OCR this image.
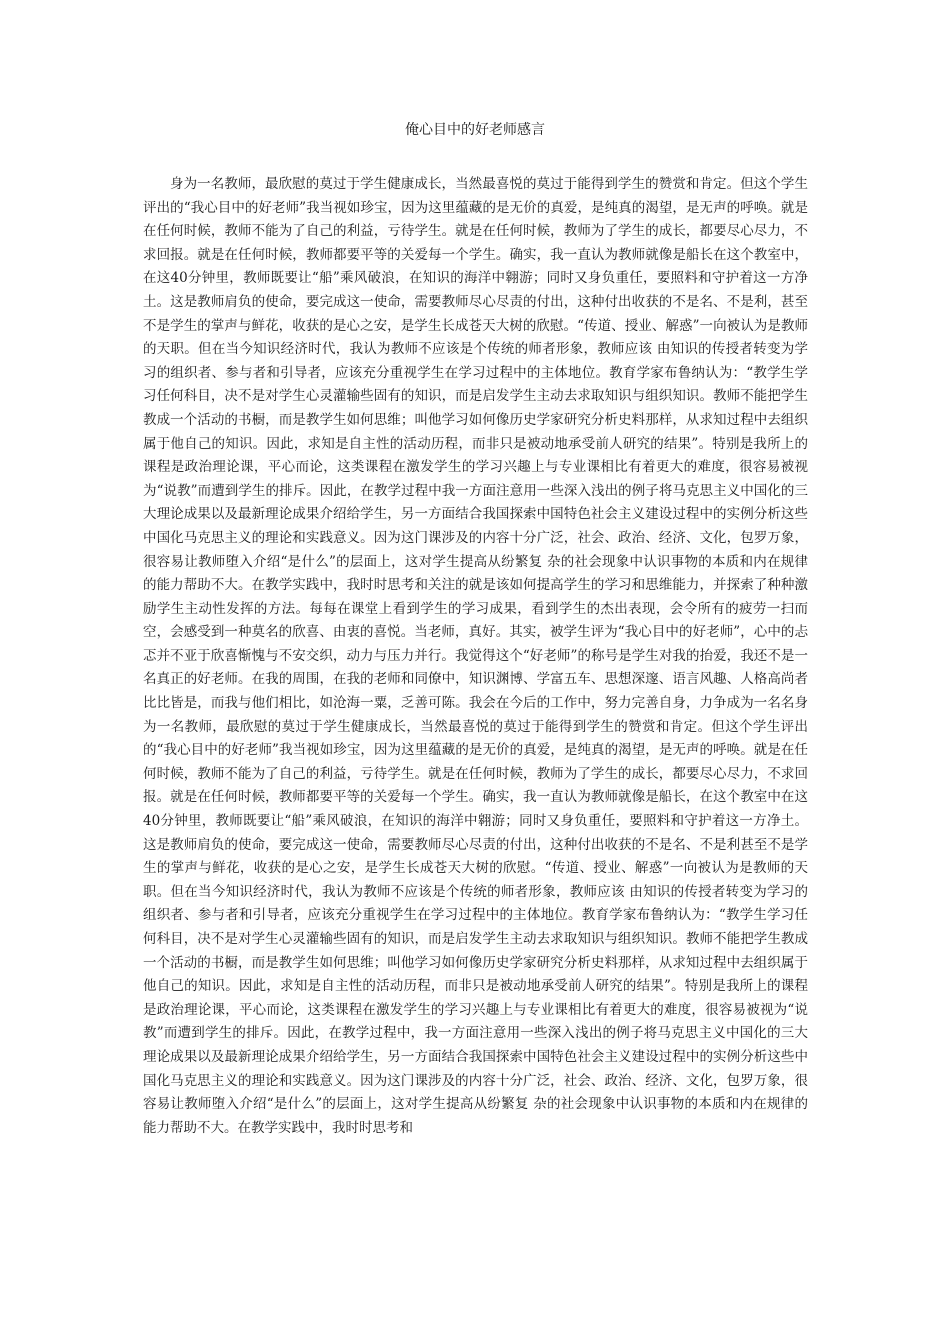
俺心目中的好老师感言

身为一名教师，最欣慰的莫过于学生健康成长，当然最喜悦的莫过于能得到学生的赞赏和肯定。但这个学生评出的“我心目中的好老师”我当视如珍宝，因为这里蕴藏的是无价的真爱，是纯真的渴望，是无声的呼唤。就是在任何时候，教师不能为了自己的利益，亏待学生。就是在任何时候，教师为了学生的成长，都要尽心尽力，不求回报。就是在任何时候，教师都要平等的关爱每一个学生。确实，我一直认为教师就像是船长在这个教室中，在这40分钟里，教师既要让“船”乘风破浪，在知识的海洋中翱游；同时又身负重任，要照料和守护着这一方净土。这是教师肩负的使命，要完成这一使命，需要教师尽心尽责的付出，这种付出收获的不是名、不是利，甚至不是学生的掌声与鲜花，收获的是心之安，是学生长成苍天大树的欣慰。“传道、授业、解惑”一向被认为是教师的天职。但在当今知识经济时代，我认为教师不应该是个传统的师者形象，教师应该 由知识的传授者转变为学习的组织者、参与者和引导者，应该充分重视学生在学习过程中的主体地位。教育学家布鲁纳认为：“教学生学习任何科目，决不是对学生心灵灌输些固有的知识，而是启发学生主动去求取知识与组织知识。教师不能把学生教成一个活动的书橱，而是教学生如何思维；叫他学习如何像历史学家研究分析史料那样，从求知过程中去组织属于他自己的知识。因此，求知是自主性的活动历程，而非只是被动地承受前人研究的结果”。特别是我所上的课程是政治理论课，平心而论，这类课程在激发学生的学习兴趣上与专业课相比有着更大的难度，很容易被视为“说教”而遭到学生的排斥。因此，在教学过程中我一方面注意用一些深入浅出的例子将马克思主义中国化的三大理论成果以及最新理论成果介绍给学生，另一方面结合我国探索中国特色社会主义建设过程中的实例分析这些中国化马克思主义的理论和实践意义。因为这门课涉及的内容十分广泛，社会、政治、经济、文化，包罗万象，很容易让教师堕入介绍“是什么”的层面上，这对学生提高从纷繁复 杂的社会现象中认识事物的本质和内在规律的能力帮助不大。在教学实践中，我时时思考和关注的就是该如何提高学生的学习和思维能力，并探索了种种激励学生主动性发挥的方法。每每在课堂上看到学生的学习成果，看到学生的杰出表现，会令所有的疲劳一扫而空，会感受到一种莫名的欣喜、由衷的喜悦。当老师，真好。其实，被学生评为“我心目中的好老师”，心中的忐忑并不亚于欣喜惭愧与不安交织，动力与压力并行。我觉得这个“好老师”的称号是学生对我的抬爱，我还不是一名真正的好老师。在我的周围，在我的老师和同僚中，知识渊博、学富五车、思想深邃、语言风趣、人格高尚者比比皆是，而我与他们相比，如沧海一粟，乏善可陈。我会在今后的工作中，努力完善自身，力争成为一名名身为一名教师，最欣慰的莫过于学生健康成长，当然最喜悦的莫过于能得到学生的赞赏和肯定。但这个学生评出的“我心目中的好老师”我当视如珍宝，因为这里蕴藏的是无价的真爱，是纯真的渴望，是无声的呼唤。就是在任何时候，教师不能为了自己的利益，亏待学生。就是在任何时候，教师为了学生的成长，都要尽心尽力，不求回报。就是在任何时候，教师都要平等的关爱每一个学生。确实，我一直认为教师就像是船长，在这个教室中在这40分钟里，教师既要让“船”乘风破浪，在知识的海洋中翱游；同时又身负重任，要照料和守护着这一方净土。这是教师肩负的使命，要完成这一使命，需要教师尽心尽责的付出，这种付出收获的不是名、不是利甚至不是学生的掌声与鲜花，收获的是心之安，是学生长成苍天大树的欣慰。“传道、授业、解惑”一向被认为是教师的天职。但在当今知识经济时代，我认为教师不应该是个传统的师者形象，教师应该 由知识的传授者转变为学习的组织者、参与者和引导者，应该充分重视学生在学习过程中的主体地位。教育学家布鲁纳认为：“教学生学习任何科目，决不是对学生心灵灌输些固有的知识，而是启发学生主动去求取知识与组织知识。教师不能把学生教成一个活动的书橱，而是教学生如何思维；叫他学习如何像历史学家研究分析史料那样，从求知过程中去组织属于他自己的知识。因此，求知是自主性的活动历程，而非只是被动地承受前人研究的结果”。特别是我所上的课程是政治理论课，平心而论，这类课程在激发学生的学习兴趣上与专业课相比有着更大的难度，很容易被视为“说教”而遭到学生的排斥。因此，在教学过程中，我一方面注意用一些深入浅出的例子将马克思主义中国化的三大理论成果以及最新理论成果介绍给学生，另一方面结合我国探索中国特色社会主义建设过程中的实例分析这些中国化马克思主义的理论和实践意义。因为这门课涉及的内容十分广泛，社会、政治、经济、文化，包罗万象，很容易让教师堕入介绍“是什么”的层面上，这对学生提高从纷繁复 杂的社会现象中认识事物的本质和内在规律的能力帮助不大。在教学实践中，我时时思考和
